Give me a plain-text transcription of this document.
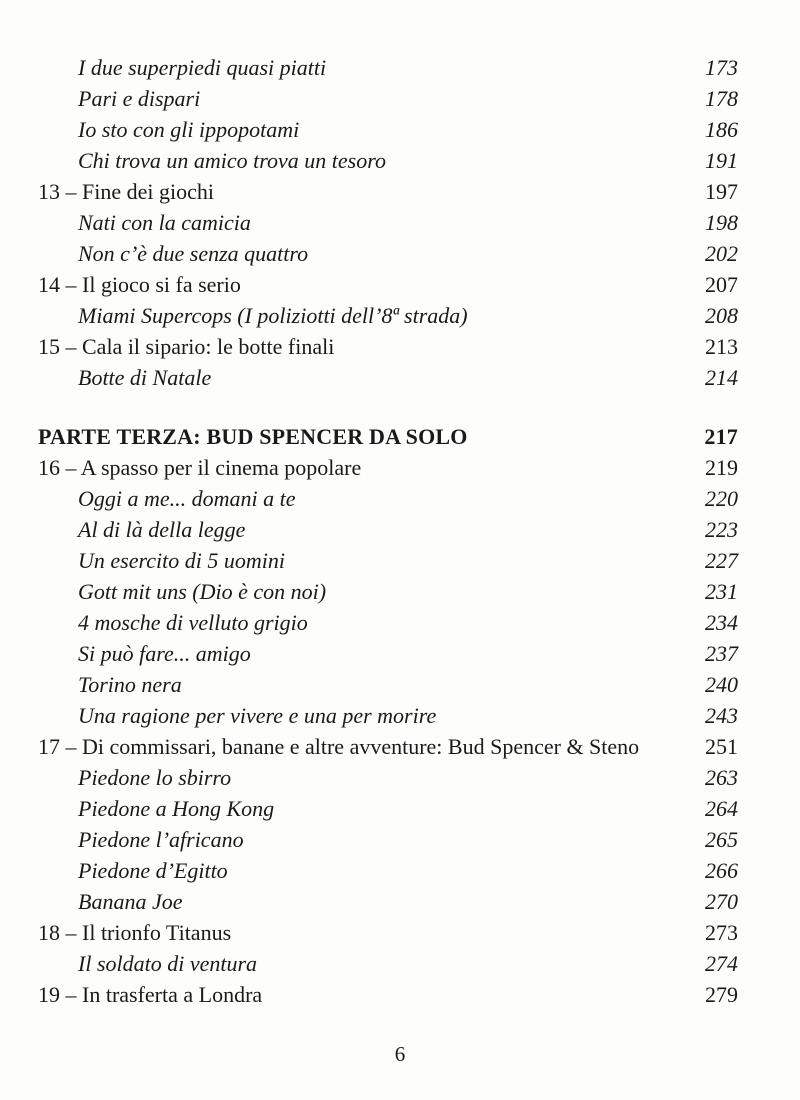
I due superpiedi quasi piatti	173
Pari e dispari	178
Io sto con gli ippopotami	186
Chi trova un amico trova un tesoro	191
13 – Fine dei giochi	197
Nati con la camicia	198
Non c’è due senza quattro	202
14 – Il gioco si fa serio	207
Miami Supercops (I poliziotti dell’8ª strada)	208
15 – Cala il sipario: le botte finali	213
Botte di Natale	214
PARTE TERZA: BUD SPENCER DA SOLO	217
16 – A spasso per il cinema popolare	219
Oggi a me... domani a te	220
Al di là della legge	223
Un esercito di 5 uomini	227
Gott mit uns (Dio è con noi)	231
4 mosche di velluto grigio	234
Si può fare... amigo	237
Torino nera	240
Una ragione per vivere e una per morire	243
17 – Di commissari, banane e altre avventure: Bud Spencer & Steno	251
Piedone lo sbirro	263
Piedone a Hong Kong	264
Piedone l’africano	265
Piedone d’Egitto	266
Banana Joe	270
18 – Il trionfo Titanus	273
Il soldato di ventura	274
19 – In trasferta a Londra	279
6
